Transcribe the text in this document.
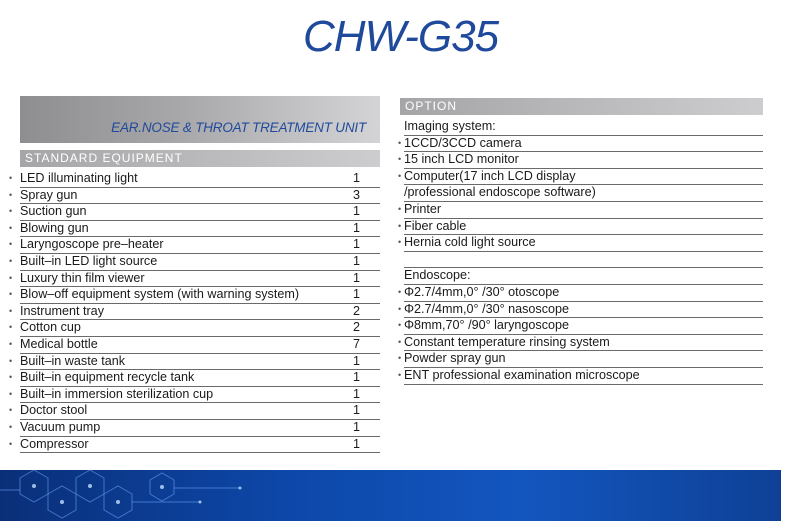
CHW-G35
EAR.NOSE & THROAT TREATMENT UNIT
STANDARD EQUIPMENT
• LED illuminating light	1
• Spray gun	3
• Suction gun	1
• Blowing gun	1
• Laryngoscope pre–heater	1
• Built–in LED light source	1
• Luxury thin film viewer	1
• Blow–off equipment system (with warning system)	1
• Instrument tray	2
• Cotton cup	2
• Medical bottle	7
• Built–in waste tank	1
• Built–in equipment recycle tank	1
• Built–in immersion sterilization cup	1
• Doctor stool	1
• Vacuum pump	1
• Compressor	1
OPTION
Imaging system:
• 1CCD/3CCD camera
• 15 inch LCD monitor
• Computer(17 inch LCD display
/professional endoscope software)
• Printer
• Fiber cable
• Hernia cold light source
Endoscope:
• Φ2.7/4mm,0° /30° otoscope
• Φ2.7/4mm,0° /30° nasoscope
• Φ8mm,70° /90° laryngoscope
• Constant temperature rinsing system
• Powder spray gun
• ENT professional examination microscope
